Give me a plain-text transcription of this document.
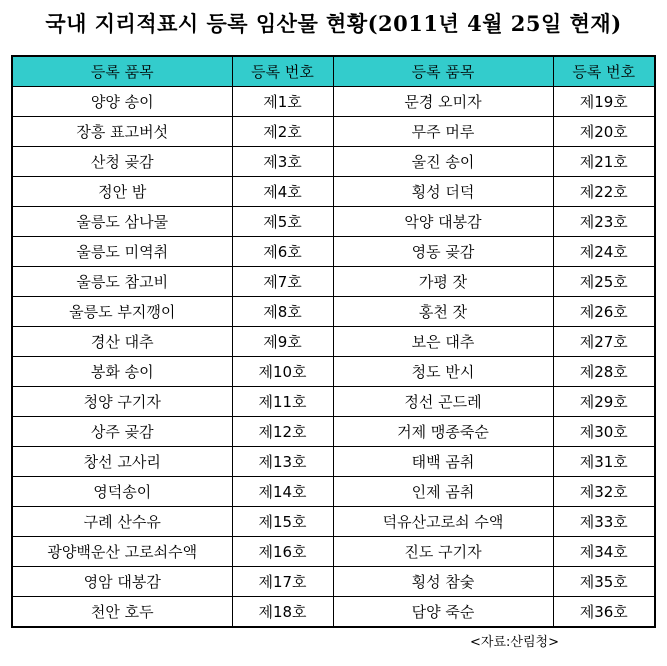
국내 지리적표시 등록 임산물 현황(2011년 4월 25일 현재)
등록 품목	등록 번호	등록 품목	등록 번호
양양 송이	제1호	문경 오미자	제19호
장흥 표고버섯	제2호	무주 머루	제20호
산청 곶감	제3호	울진 송이	제21호
정안 밤	제4호	횡성 더덕	제22호
울릉도 삼나물	제5호	악양 대봉감	제23호
울릉도 미역취	제6호	영동 곶감	제24호
울릉도 참고비	제7호	가평 잣	제25호
울릉도 부지깽이	제8호	홍천 잣	제26호
경산 대추	제9호	보은 대추	제27호
봉화 송이	제10호	청도 반시	제28호
청양 구기자	제11호	정선 곤드레	제29호
상주 곶감	제12호	거제 맹종죽순	제30호
창선 고사리	제13호	태백 곰취	제31호
영덕송이	제14호	인제 곰취	제32호
구례 산수유	제15호	덕유산고로쇠 수액	제33호
광양백운산 고로쇠수액	제16호	진도 구기자	제34호
영암 대봉감	제17호	횡성 참숯	제35호
천안 호두	제18호	담양 죽순	제36호
<자료:산림청>
